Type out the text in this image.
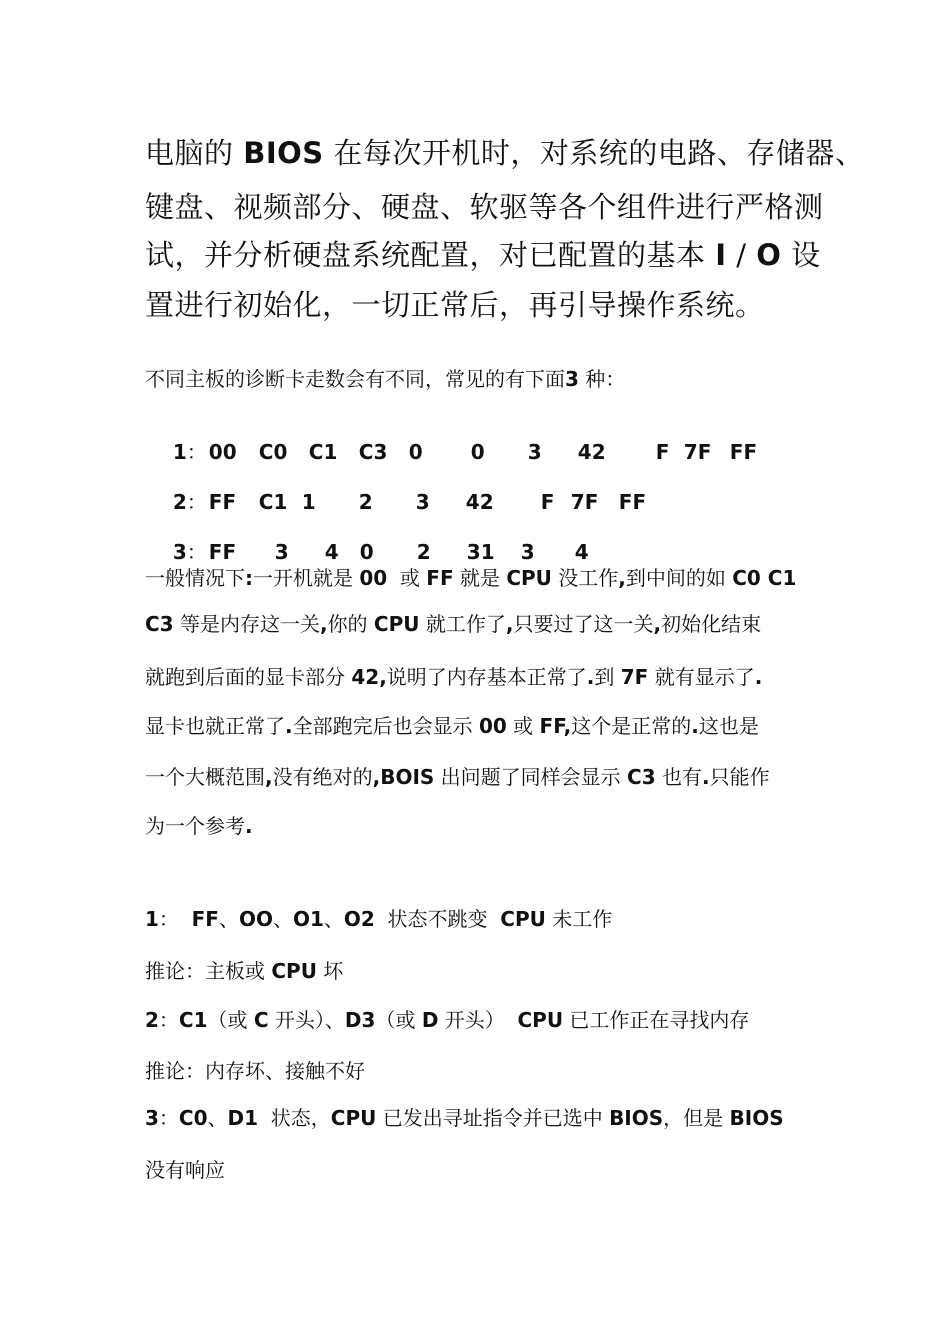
电脑的 BIOS 在每次开机时，对系统的电路、存储器、
键盘、视频部分、硬盘、软驱等各个组件进行严格测
试，并分析硬盘系统配置，对已配置的基本 I / O 设
置进行初始化，一切正常后，再引导操作系统。
不同主板的诊断卡走数会有不同，常见的有下面3 种：

1： 00 C0 C1 C3 0 0 3 42	F 7F FF

2： FF C1 1 2 3 42 F 7F FF

3： FF 3 4 0 2 31 3 4

一般情况下:一开机就是 00  或 FF 就是 CPU 没工作,到中间的如 C0 C1
C3 等是内存这一关,你的 CPU 就工作了,只要过了这一关,初始化结束
就跑到后面的显卡部分 42,说明了内存基本正常了.到 7F 就有显示了.
显卡也就正常了.全部跑完后也会显示 00 或 FF,这个是正常的.这也是
一个大概范围,没有绝对的,BOIS 出问题了同样会显示 C3 也有.只能作
为一个参考.
1：  FF、OO、O1、O2  状态不跳变  CPU 未工作
推论：主板或 CPU 坏
2：C1（或 C 开头）、D3（或 D 开头）  CPU 已工作正在寻找内存
推论：内存坏、接触不好
3：C0、D1  状态，CPU 已发出寻址指令并已选中 BIOS，但是 BIOS
没有响应
